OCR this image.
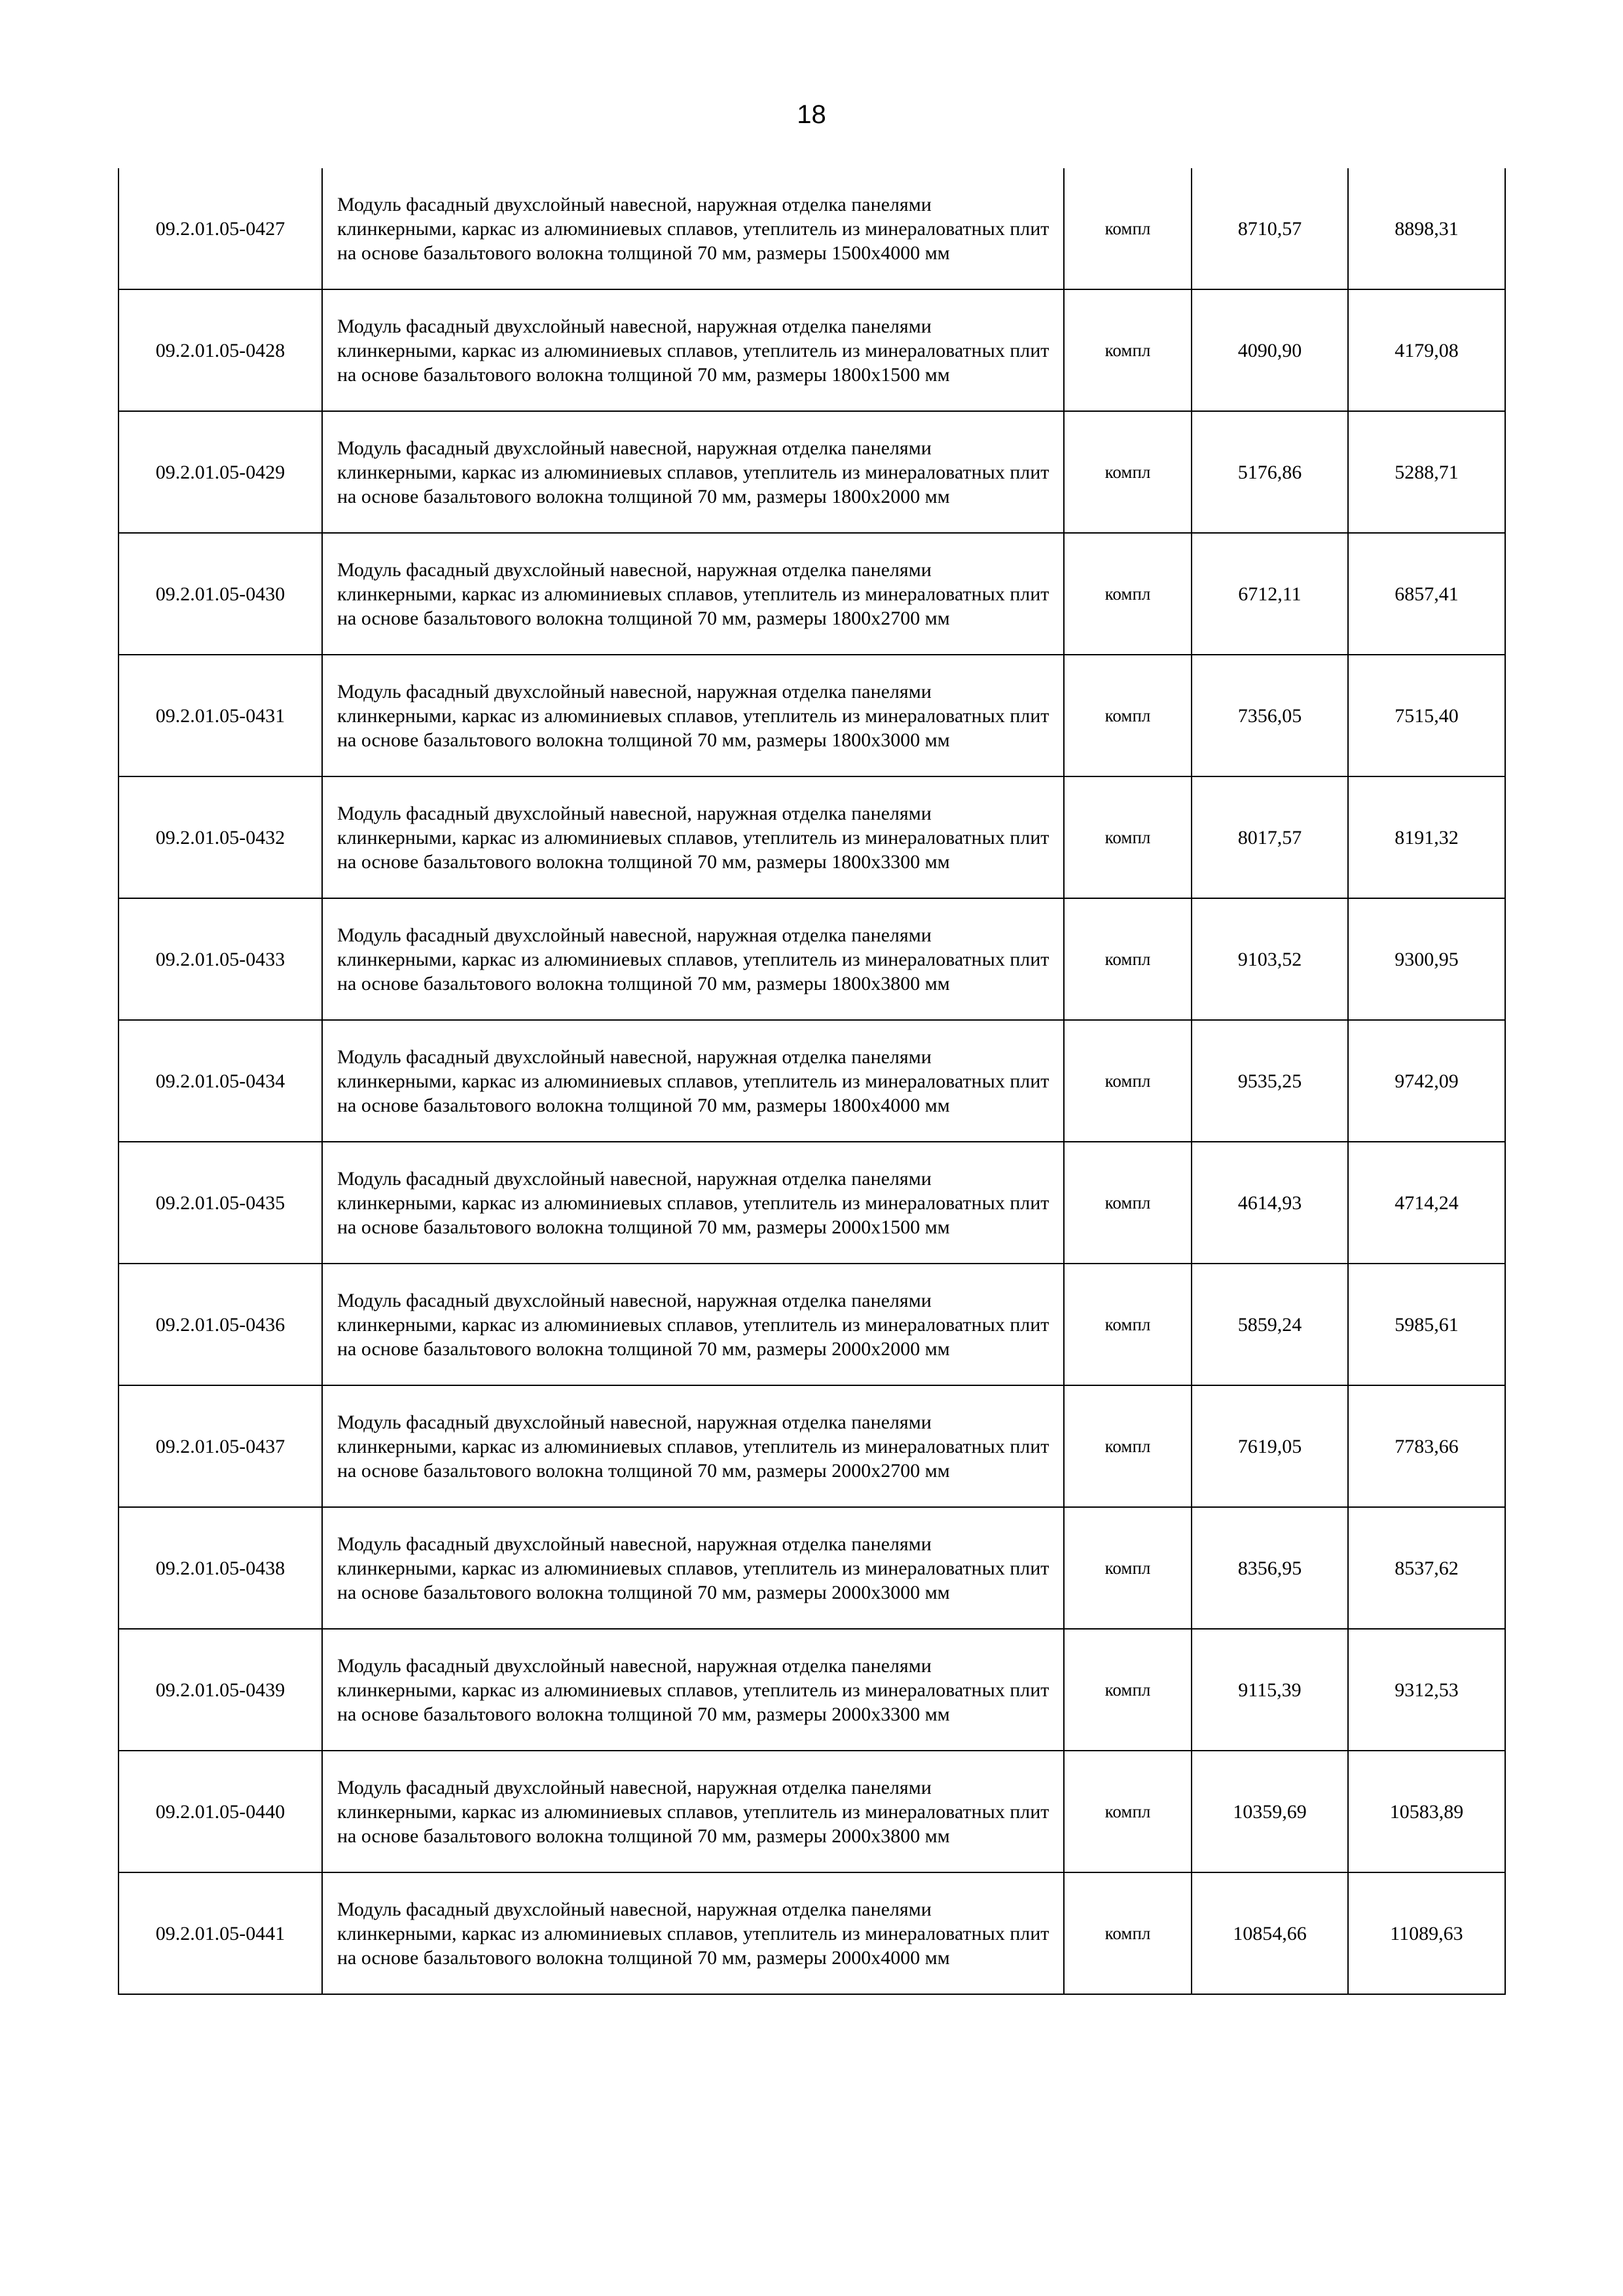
18
09.2.01.05-0427	Модуль фасадный двухслойный навесной, наружная отделка панелями клинкерными, каркас из алюминиевых сплавов, утеплитель из минераловатных плит на основе базальтового волокна толщиной 70 мм, размеры 1500x4000 мм	компл	8710,57	8898,31
09.2.01.05-0428	Модуль фасадный двухслойный навесной, наружная отделка панелями клинкерными, каркас из алюминиевых сплавов, утеплитель из минераловатных плит на основе базальтового волокна толщиной 70 мм, размеры 1800x1500 мм	компл	4090,90	4179,08
09.2.01.05-0429	Модуль фасадный двухслойный навесной, наружная отделка панелями клинкерными, каркас из алюминиевых сплавов, утеплитель из минераловатных плит на основе базальтового волокна толщиной 70 мм, размеры 1800x2000 мм	компл	5176,86	5288,71
09.2.01.05-0430	Модуль фасадный двухслойный навесной, наружная отделка панелями клинкерными, каркас из алюминиевых сплавов, утеплитель из минераловатных плит на основе базальтового волокна толщиной 70 мм, размеры 1800x2700 мм	компл	6712,11	6857,41
09.2.01.05-0431	Модуль фасадный двухслойный навесной, наружная отделка панелями клинкерными, каркас из алюминиевых сплавов, утеплитель из минераловатных плит на основе базальтового волокна толщиной 70 мм, размеры 1800x3000 мм	компл	7356,05	7515,40
09.2.01.05-0432	Модуль фасадный двухслойный навесной, наружная отделка панелями клинкерными, каркас из алюминиевых сплавов, утеплитель из минераловатных плит на основе базальтового волокна толщиной 70 мм, размеры 1800x3300 мм	компл	8017,57	8191,32
09.2.01.05-0433	Модуль фасадный двухслойный навесной, наружная отделка панелями клинкерными, каркас из алюминиевых сплавов, утеплитель из минераловатных плит на основе базальтового волокна толщиной 70 мм, размеры 1800x3800 мм	компл	9103,52	9300,95
09.2.01.05-0434	Модуль фасадный двухслойный навесной, наружная отделка панелями клинкерными, каркас из алюминиевых сплавов, утеплитель из минераловатных плит на основе базальтового волокна толщиной 70 мм, размеры 1800x4000 мм	компл	9535,25	9742,09
09.2.01.05-0435	Модуль фасадный двухслойный навесной, наружная отделка панелями клинкерными, каркас из алюминиевых сплавов, утеплитель из минераловатных плит на основе базальтового волокна толщиной 70 мм, размеры 2000x1500 мм	компл	4614,93	4714,24
09.2.01.05-0436	Модуль фасадный двухслойный навесной, наружная отделка панелями клинкерными, каркас из алюминиевых сплавов, утеплитель из минераловатных плит на основе базальтового волокна толщиной 70 мм, размеры 2000x2000 мм	компл	5859,24	5985,61
09.2.01.05-0437	Модуль фасадный двухслойный навесной, наружная отделка панелями клинкерными, каркас из алюминиевых сплавов, утеплитель из минераловатных плит на основе базальтового волокна толщиной 70 мм, размеры 2000x2700 мм	компл	7619,05	7783,66
09.2.01.05-0438	Модуль фасадный двухслойный навесной, наружная отделка панелями клинкерными, каркас из алюминиевых сплавов, утеплитель из минераловатных плит на основе базальтового волокна толщиной 70 мм, размеры 2000x3000 мм	компл	8356,95	8537,62
09.2.01.05-0439	Модуль фасадный двухслойный навесной, наружная отделка панелями клинкерными, каркас из алюминиевых сплавов, утеплитель из минераловатных плит на основе базальтового волокна толщиной 70 мм, размеры 2000x3300 мм	компл	9115,39	9312,53
09.2.01.05-0440	Модуль фасадный двухслойный навесной, наружная отделка панелями клинкерными, каркас из алюминиевых сплавов, утеплитель из минераловатных плит на основе базальтового волокна толщиной 70 мм, размеры 2000x3800 мм	компл	10359,69	10583,89
09.2.01.05-0441	Модуль фасадный двухслойный навесной, наружная отделка панелями клинкерными, каркас из алюминиевых сплавов, утеплитель из минераловатных плит на основе базальтового волокна толщиной 70 мм, размеры 2000x4000 мм	компл	10854,66	11089,63
